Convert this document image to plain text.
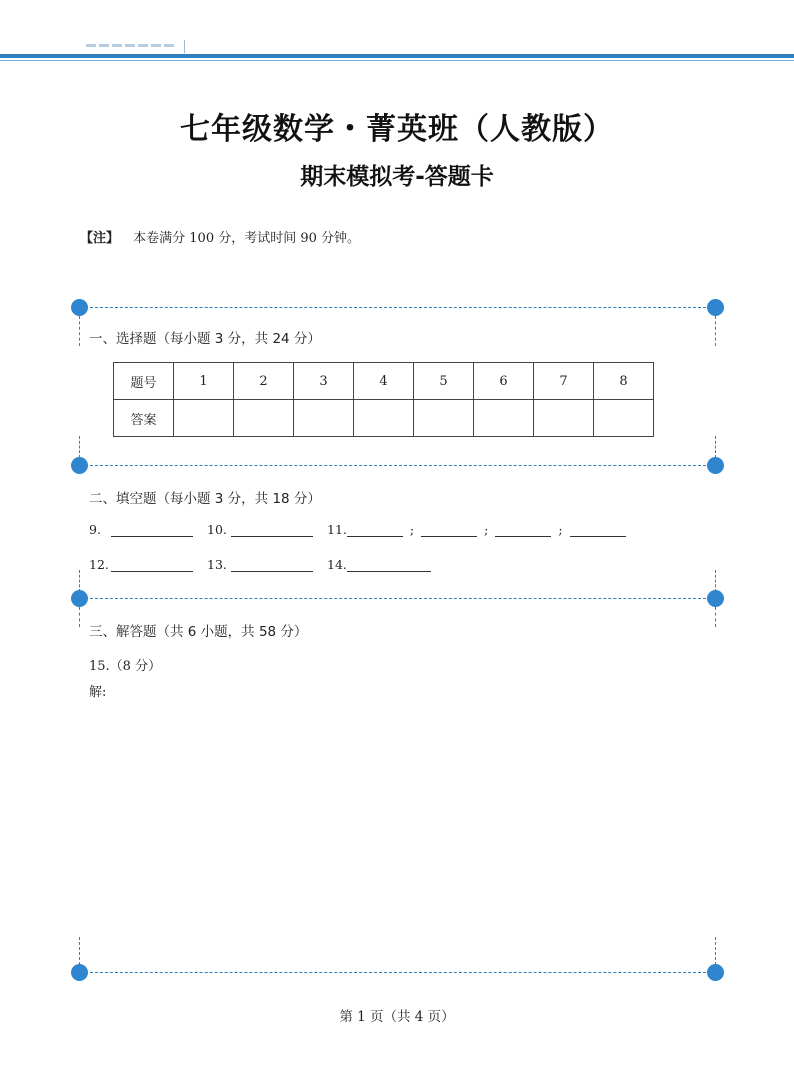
七年级数学・菁英班（人教版）
期末模拟考-答题卡
【注】 本卷满分 100 分，考试时间 90 分钟。
一、选择题（每小题 3 分，共 24 分）
题号	1	2	3	4	5	6	7	8
答案								
二、填空题（每小题 3 分，共 18 分）
9.	10.	11.	;	;	;
12.	13.	14.
三、解答题（共 6 小题，共 58 分）
15.（8 分）
解:
第 1 页（共 4 页）
